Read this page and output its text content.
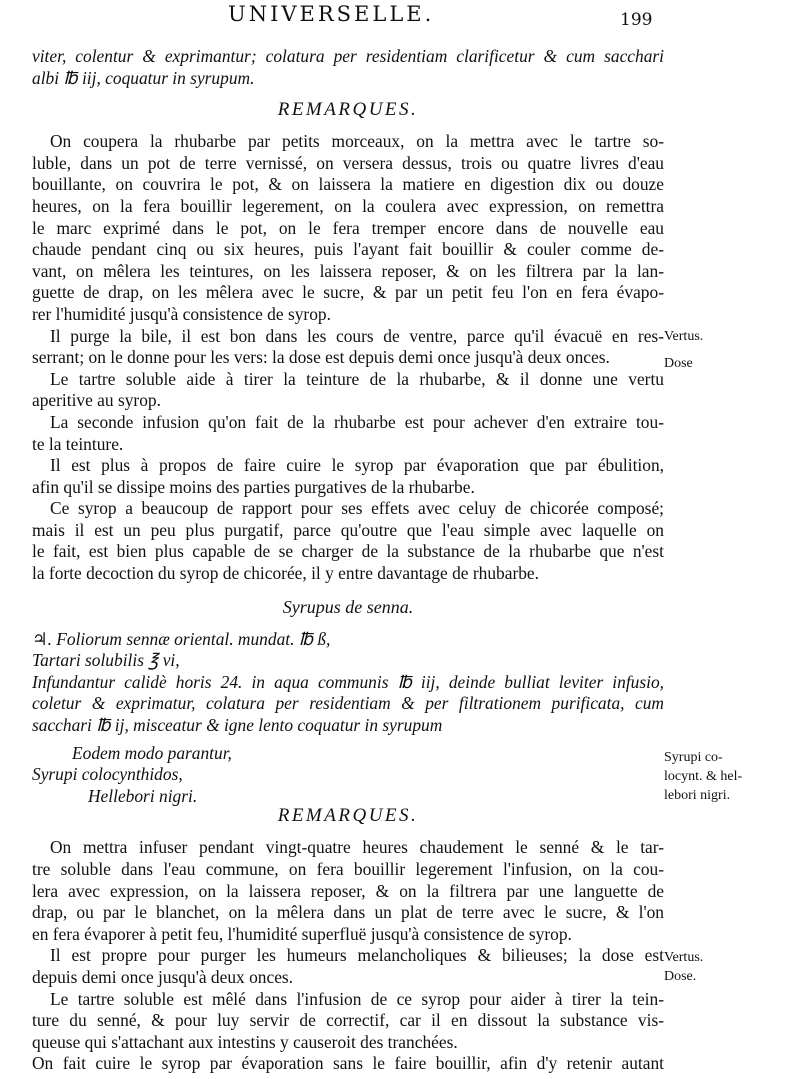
UNIVERSELLE.	199
viter, colentur & exprimantur; colatura per residentiam clarificetur & cum sacchari
albi ℔ iij, coquatur in syrupum.
REMARQUES.
On coupera la rhubarbe par petits morceaux, on la mettra avec le tartre so-
luble, dans un pot de terre vernissé, on versera dessus, trois ou quatre livres d'eau
bouillante, on couvrira le pot, & on laissera la matiere en digestion dix ou douze
heures, on la fera bouillir legerement, on la coulera avec expression, on remettra
le marc exprimé dans le pot, on le fera tremper encore dans de nouvelle eau
chaude pendant cinq ou six heures, puis l'ayant fait bouillir & couler comme de-
vant, on mêlera les teintures, on les laissera reposer, & on les filtrera par la lan-
guette de drap, on les mêlera avec le sucre, & par un petit feu l'on en fera évapo-
rer l'humidité jusqu'à consistence de syrop.
Il purge la bile, il est bon dans les cours de ventre, parce qu'il évacuë en res-
serrant; on le donne pour les vers: la dose est depuis demi once jusqu'à deux onces.
Le tartre soluble aide à tirer la teinture de la rhubarbe, & il donne une vertu
aperitive au syrop.
La seconde infusion qu'on fait de la rhubarbe est pour achever d'en extraire tou-
te la teinture.
Il est plus à propos de faire cuire le syrop par évaporation que par ébulition,
afin qu'il se dissipe moins des parties purgatives de la rhubarbe.
Ce syrop a beaucoup de rapport pour ses effets avec celuy de chicorée composé;
mais il est un peu plus purgatif, parce qu'outre que l'eau simple avec laquelle on
le fait, est bien plus capable de se charger de la substance de la rhubarbe que n'est
la forte decoction du syrop de chicorée, il y entre davantage de rhubarbe.
Syrupus de senna.
♃. Foliorum sennæ oriental. mundat. ℔ ß,
Tartari solubilis ℥ vi,
Infundantur calidè horis 24. in aqua communis ℔ iij, deinde bulliat leviter infusio,
coletur & exprimatur, colatura per residentiam & per filtrationem purificata, cum
sacchari ℔ ij, misceatur & igne lento coquatur in syrupum
Eodem modo parantur,
Syrupi colocynthidos,
Hellebori nigri.
REMARQUES.
On mettra infuser pendant vingt-quatre heures chaudement le senné & le tar-
tre soluble dans l'eau commune, on fera bouillir legerement l'infusion, on la cou-
lera avec expression, on la laissera reposer, & on la filtrera par une languette de
drap, ou par le blanchet, on la mêlera dans un plat de terre avec le sucre, & l'on
en fera évaporer à petit feu, l'humidité superfluë jusqu'à consistence de syrop.
Il est propre pour purger les humeurs melancholiques & bilieuses; la dose est
depuis demi once jusqu'à deux onces.
Le tartre soluble est mêlé dans l'infusion de ce syrop pour aider à tirer la tein-
ture du senné, & pour luy servir de correctif, car il en dissout la substance vis-
queuse qui s'attachant aux intestins y causeroit des tranchées.
On fait cuire le syrop par évaporation sans le faire bouillir, afin d'y retenir autant
Vertus.
Dose
Syrupi co-
locynt. & hel-
lebori nigri.
Vertus.
Dose.
